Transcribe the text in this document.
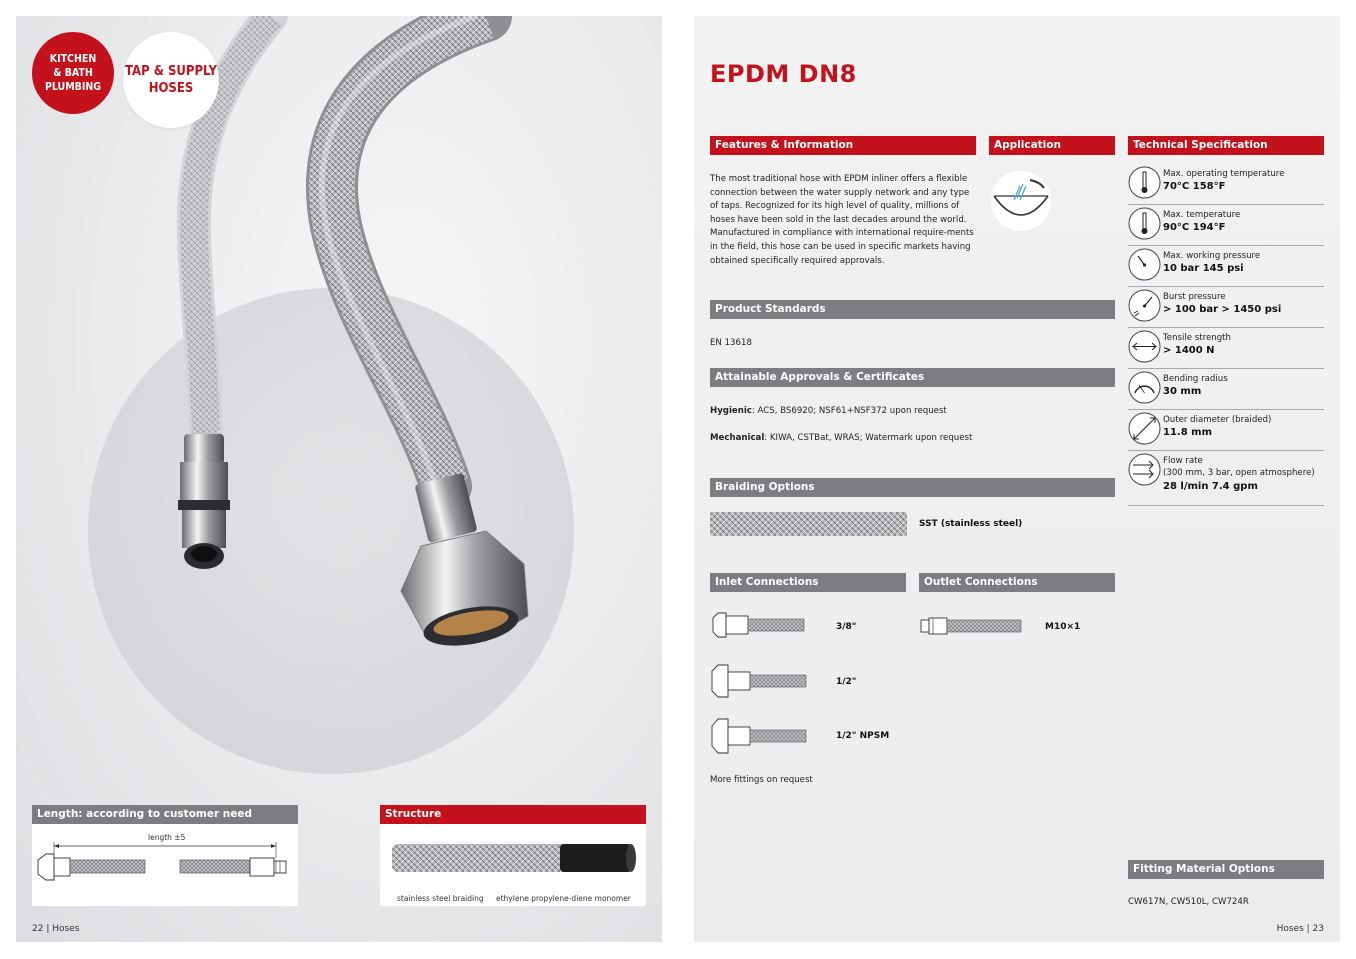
KITCHEN
& BATH
PLUMBING
TAP & SUPPLY
HOSES
Length: according to customer need
length ±5
Structure
stainless steel braiding ethylene propylene-diene monomer
22 | Hoses
EPDM DN8
Features & Information
The most traditional hose with EPDM inliner offers a flexible connection between the water supply network and any type of taps. Recognized for its high level of quality, millions of hoses have been sold in the last decades around the world. Manufactured in compliance with international require-ments in the field, this hose can be used in specific markets having obtained specifically required approvals.
Application
Product Standards
EN 13618
Attainable Approvals & Certificates
Hygienic: ACS, BS6920; NSF61+NSF372 upon request
Mechanical: KIWA, CSTBat, WRAS; Watermark upon request
Braiding Options
SST (stainless steel)
Inlet Connections	Outlet Connections
3/8"
1/2"
1/2" NPSM
M10×1
More fittings on request
Technical Specification
Max. operating temperature
70°C 158°F
Max. temperature
90°C 194°F
Max. working pressure
10 bar 145 psi
Burst pressure
> 100 bar > 1450 psi
Tensile strength
> 1400 N
Bending radius
30 mm
Outer diameter (braided)
11.8 mm
Flow rate
(300 mm, 3 bar, open atmosphere)
28 l/min 7.4 gpm
Fitting Material Options
CW617N, CW510L, CW724R
Hoses | 23
